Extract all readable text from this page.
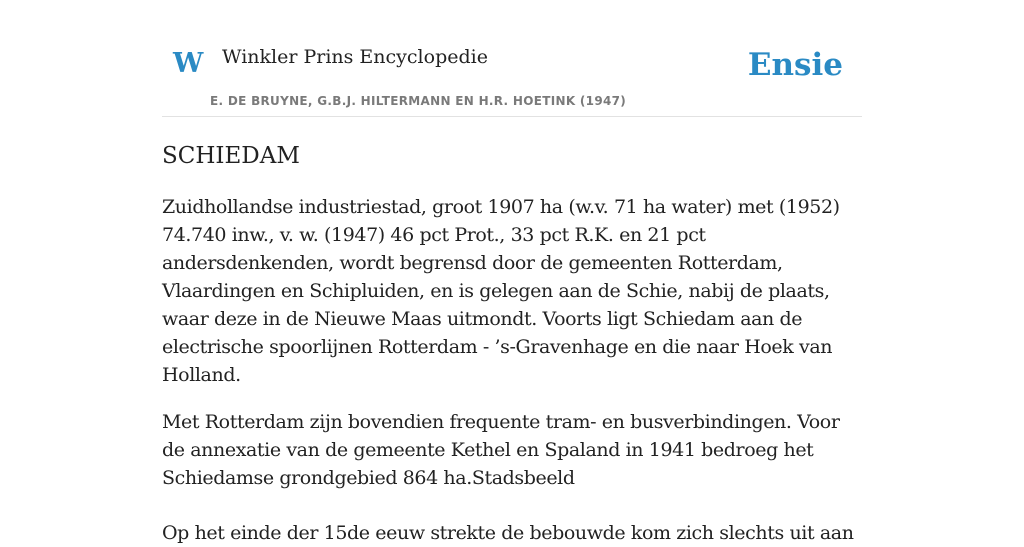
W Winkler Prins Encyclopedie
E. DE BRUYNE, G.B.J. HILTERMANN EN H.R. HOETINK (1947)
Ensie
SCHIEDAM

Zuidhollandse industriestad, groot 1907 ha (w.v. 71 ha water) met (1952) 74.740 inw., v. w. (1947) 46 pct Prot., 33 pct R.K. en 21 pct andersdenkenden, wordt begrensd door de gemeenten Rotterdam, Vlaardingen en Schipluiden, en is gelegen aan de Schie, nabij de plaats, waar deze in de Nieuwe Maas uitmondt. Voorts ligt Schiedam aan de electrische spoorlijnen Rotterdam - ’s-Gravenhage en die naar Hoek van Holland.

Met Rotterdam zijn bovendien frequente tram- en busverbindingen. Voor de annexatie van de gemeente Kethel en Spaland in 1941 bedroeg het Schiedamse grondgebied 864 ha.Stadsbeeld

Op het einde der 15de eeuw strekte de bebouwde kom zich slechts uit aan
